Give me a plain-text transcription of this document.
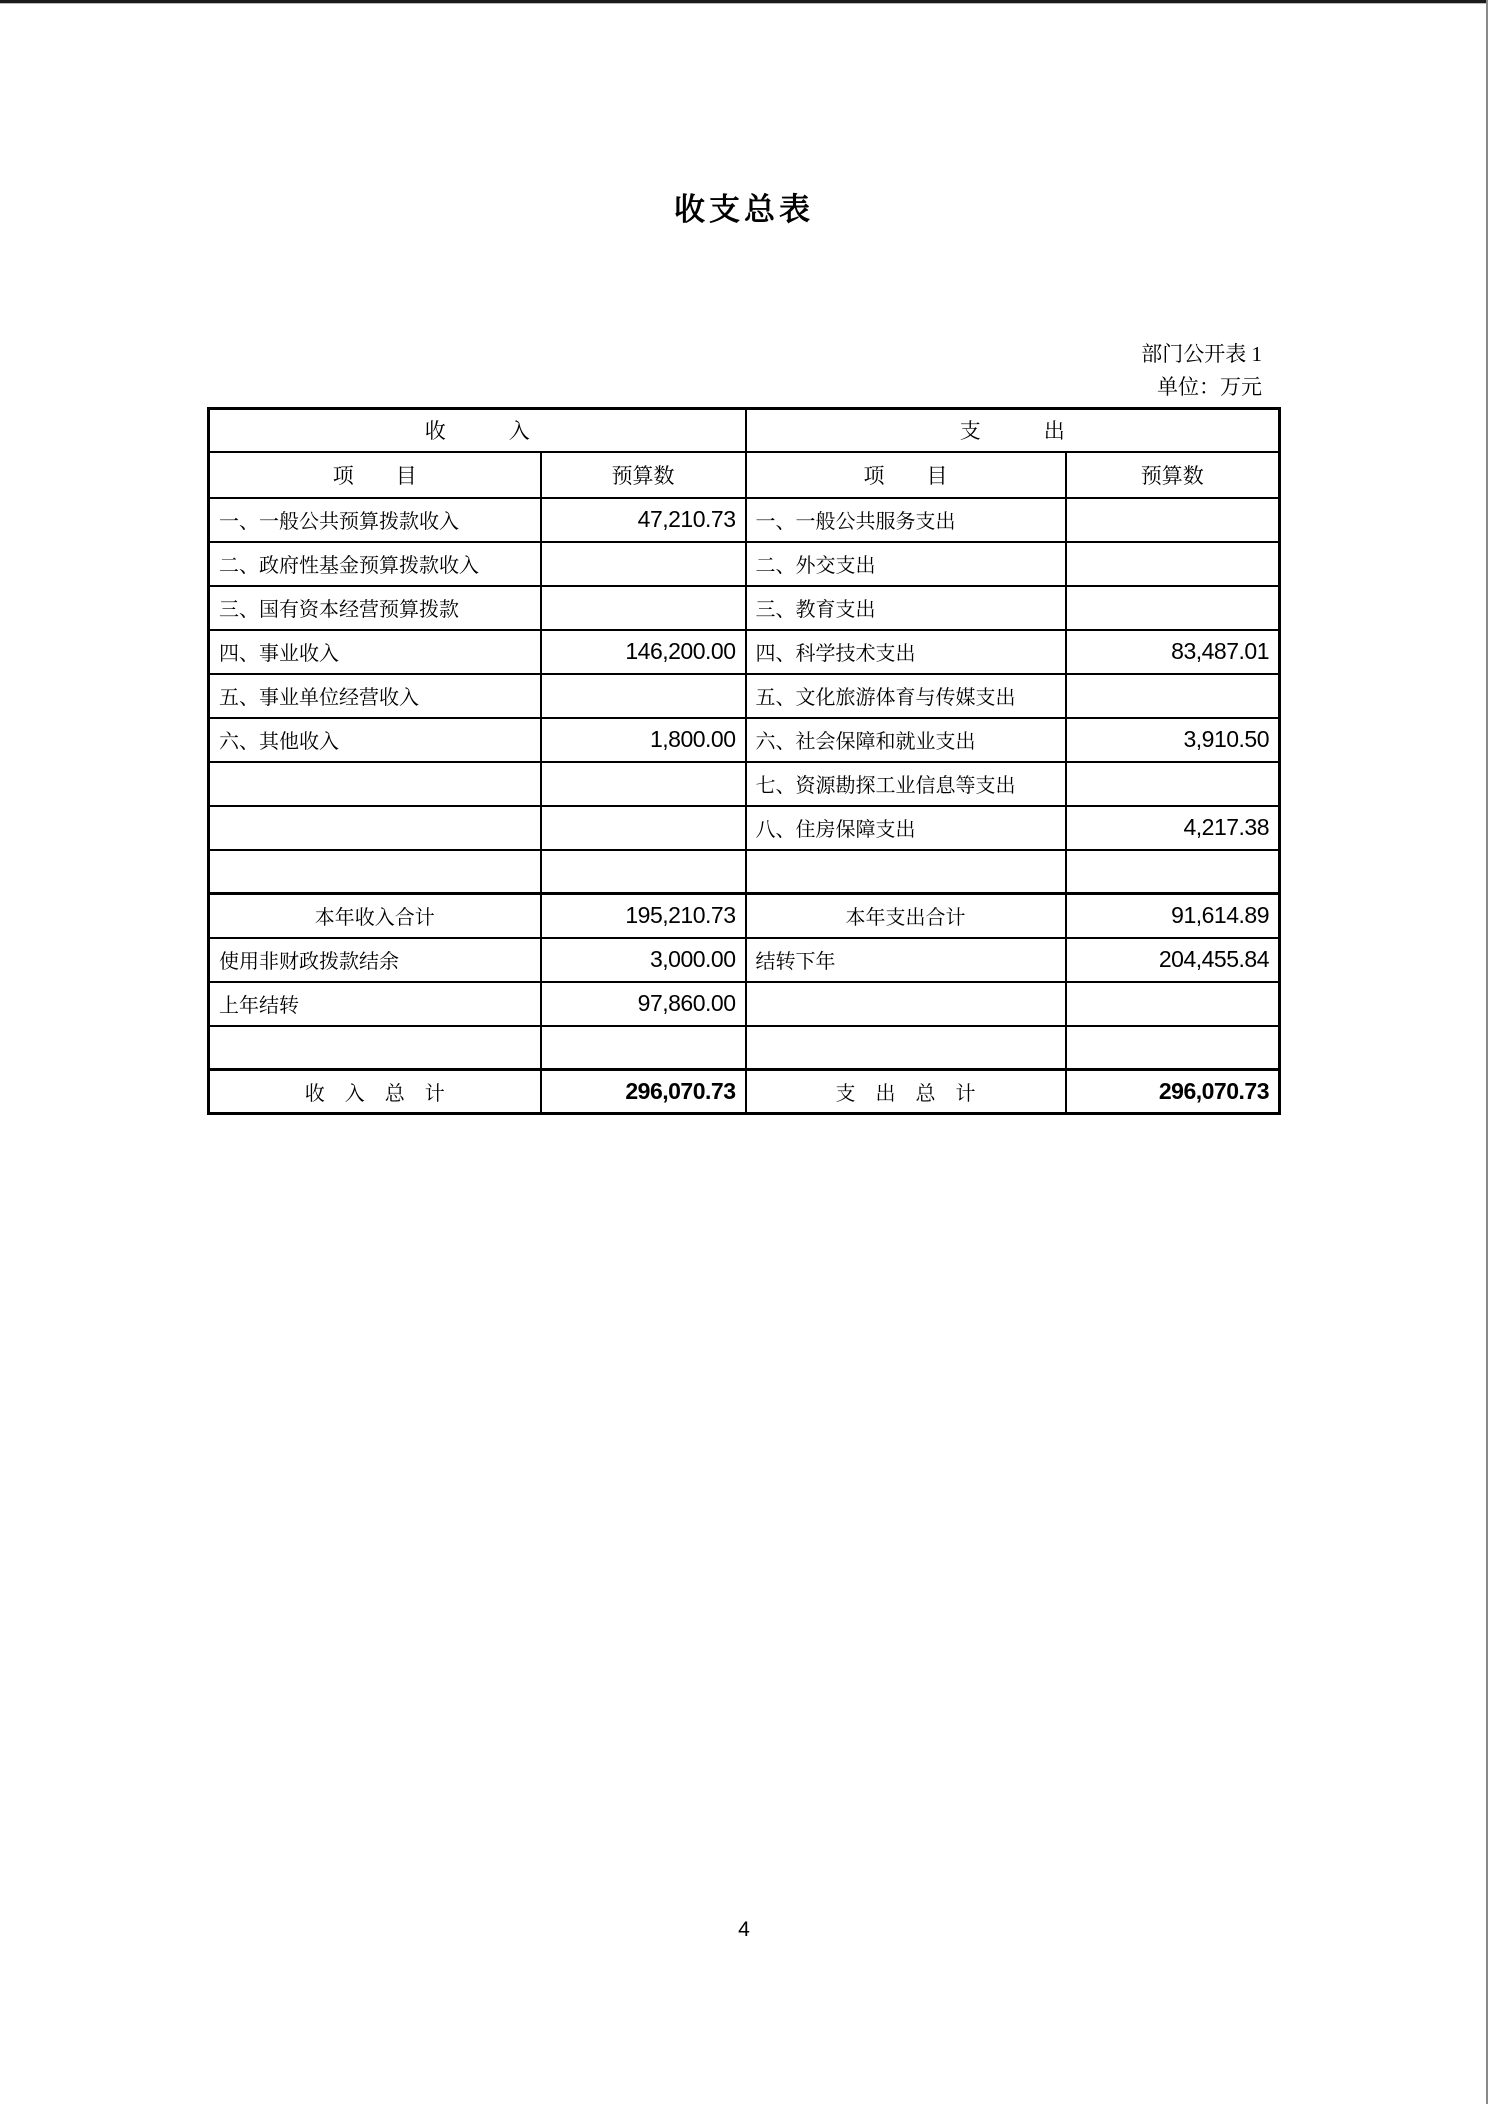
收支总表
部门公开表 1
单位：万元
收　　　入		支　　　出	
项　　目	预算数	项　　目	预算数
一、一般公共预算拨款收入	47,210.73	一、一般公共服务支出	
二、政府性基金预算拨款收入		二、外交支出	
三、国有资本经营预算拨款		三、教育支出	
四、事业收入	146,200.00	四、科学技术支出	83,487.01
五、事业单位经营收入		五、文化旅游体育与传媒支出	
六、其他收入	1,800.00	六、社会保障和就业支出	3,910.50
		七、资源勘探工业信息等支出	
		八、住房保障支出	4,217.38

本年收入合计	195,210.73	本年支出合计	91,614.89
使用非财政拨款结余	3,000.00	结转下年	204,455.84
上年结转	97,860.00		

收　入　总　计	296,070.73	支　出　总　计	296,070.73
4
